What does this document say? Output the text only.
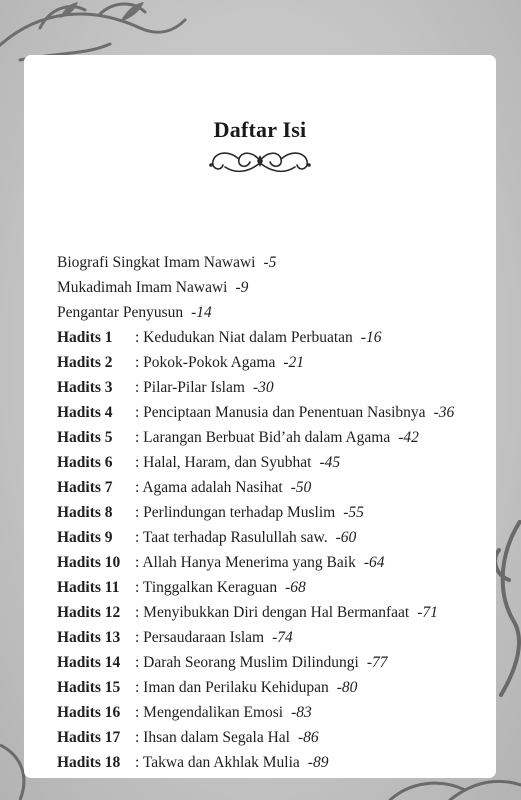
Daftar Isi
Biografi Singkat Imam Nawawi -5
Mukadimah Imam Nawawi -9
Pengantar Penyusun -14
Hadits 1	: Kedudukan Niat dalam Perbuatan -16
Hadits 2	: Pokok-Pokok Agama -21
Hadits 3	: Pilar-Pilar Islam -30
Hadits 4	: Penciptaan Manusia dan Penentuan Nasibnya -36
Hadits 5	: Larangan Berbuat Bid’ah dalam Agama -42
Hadits 6	: Halal, Haram, dan Syubhat -45
Hadits 7	: Agama adalah Nasihat -50
Hadits 8	: Perlindungan terhadap Muslim -55
Hadits 9	: Taat terhadap Rasulullah saw. -60
Hadits 10 : Allah Hanya Menerima yang Baik -64
Hadits 11	: Tinggalkan Keraguan -68
Hadits 12 : Menyibukkan Diri dengan Hal Bermanfaat -71
Hadits 13 : Persaudaraan Islam -74
Hadits 14 : Darah Seorang Muslim Dilindungi -77
Hadits 15 : Iman dan Perilaku Kehidupan -80
Hadits 16 : Mengendalikan Emosi -83
Hadits 17 : Ihsan dalam Segala Hal -86
Hadits 18 : Takwa dan Akhlak Mulia -89
